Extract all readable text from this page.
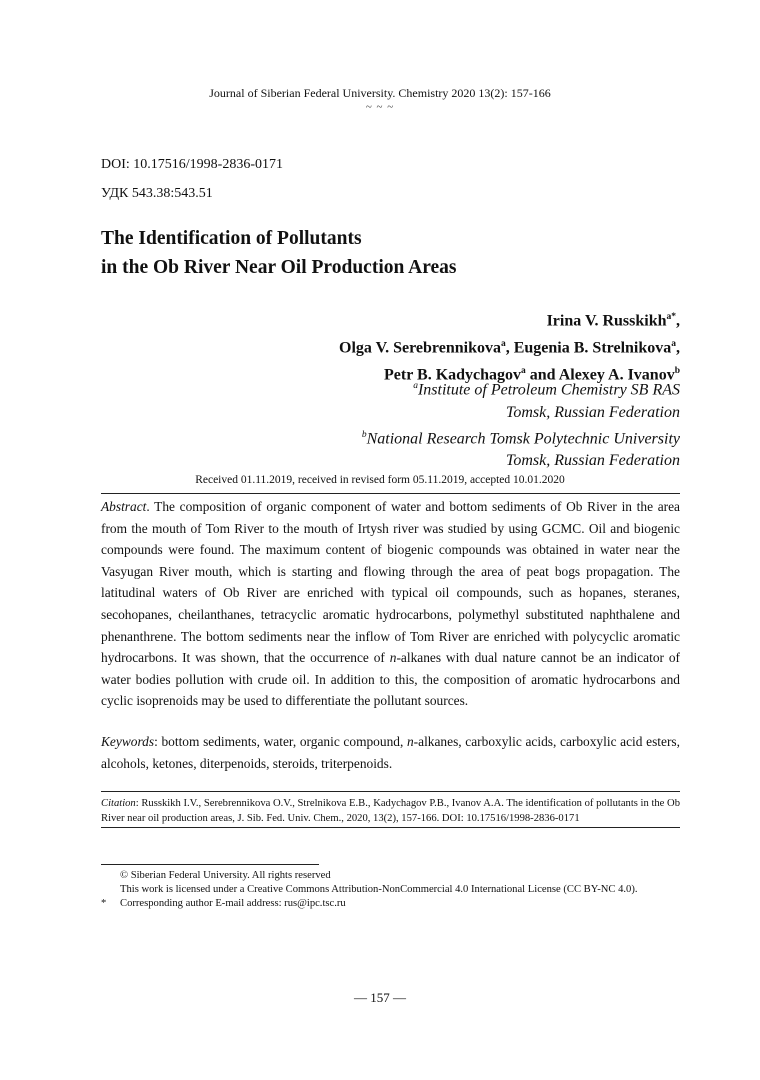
Journal of Siberian Federal University. Chemistry 2020 13(2): 157-166
~ ~ ~
DOI: 10.17516/1998-2836-0171
УДК 543.38:543.51
The Identification of Pollutants
in the Ob River Near Oil Production Areas
Irina V. Russkikh$^{a*}$,
Olga V. Serebrennikova$^a$, Eugenia B. Strelnikova$^a$,
Petr B. Kadychagov$^a$ and Alexey A. Ivanov$^b$
$^a$Institute of Petroleum Chemistry SB RAS
Tomsk, Russian Federation
$^b$National Research Tomsk Polytechnic University
Tomsk, Russian Federation
Received 01.11.2019, received in revised form 05.11.2019, accepted 10.01.2020
Abstract. The composition of organic component of water and bottom sediments of Ob River in the area from the mouth of Tom River to the mouth of Irtysh river was studied by using GCMC. Oil and biogenic compounds were found. The maximum content of biogenic compounds was obtained in water near the Vasyugan River mouth, which is starting and flowing through the area of peat bogs propagation. The latitudinal waters of Ob River are enriched with typical oil compounds, such as hopanes, steranes, secohopanes, cheilanthanes, tetracyclic aromatic hydrocarbons, polymethyl substituted naphthalene and phenanthrene. The bottom sediments near the inflow of Tom River are enriched with polycyclic aromatic hydrocarbons. It was shown, that the occurrence of n-alkanes with dual nature cannot be an indicator of water bodies pollution with crude oil. In addition to this, the composition of aromatic hydrocarbons and cyclic isoprenoids may be used to differentiate the pollutant sources.
Keywords: bottom sediments, water, organic compound, n-alkanes, carboxylic acids, carboxylic acid esters, alcohols, ketones, diterpenoids, steroids, triterpenoids.
Citation: Russkikh I.V., Serebrennikova O.V., Strelnikova E.B., Kadychagov P.B., Ivanov A.A. The identification of pollutants in the Ob River near oil production areas, J. Sib. Fed. Univ. Chem., 2020, 13(2), 157-166. DOI: 10.17516/1998-2836-0171
© Siberian Federal University. All rights reserved
This work is licensed under a Creative Commons Attribution-NonCommercial 4.0 International License (CC BY-NC 4.0).
* Corresponding author E-mail address: rus@ipc.tsc.ru
— 157 —
